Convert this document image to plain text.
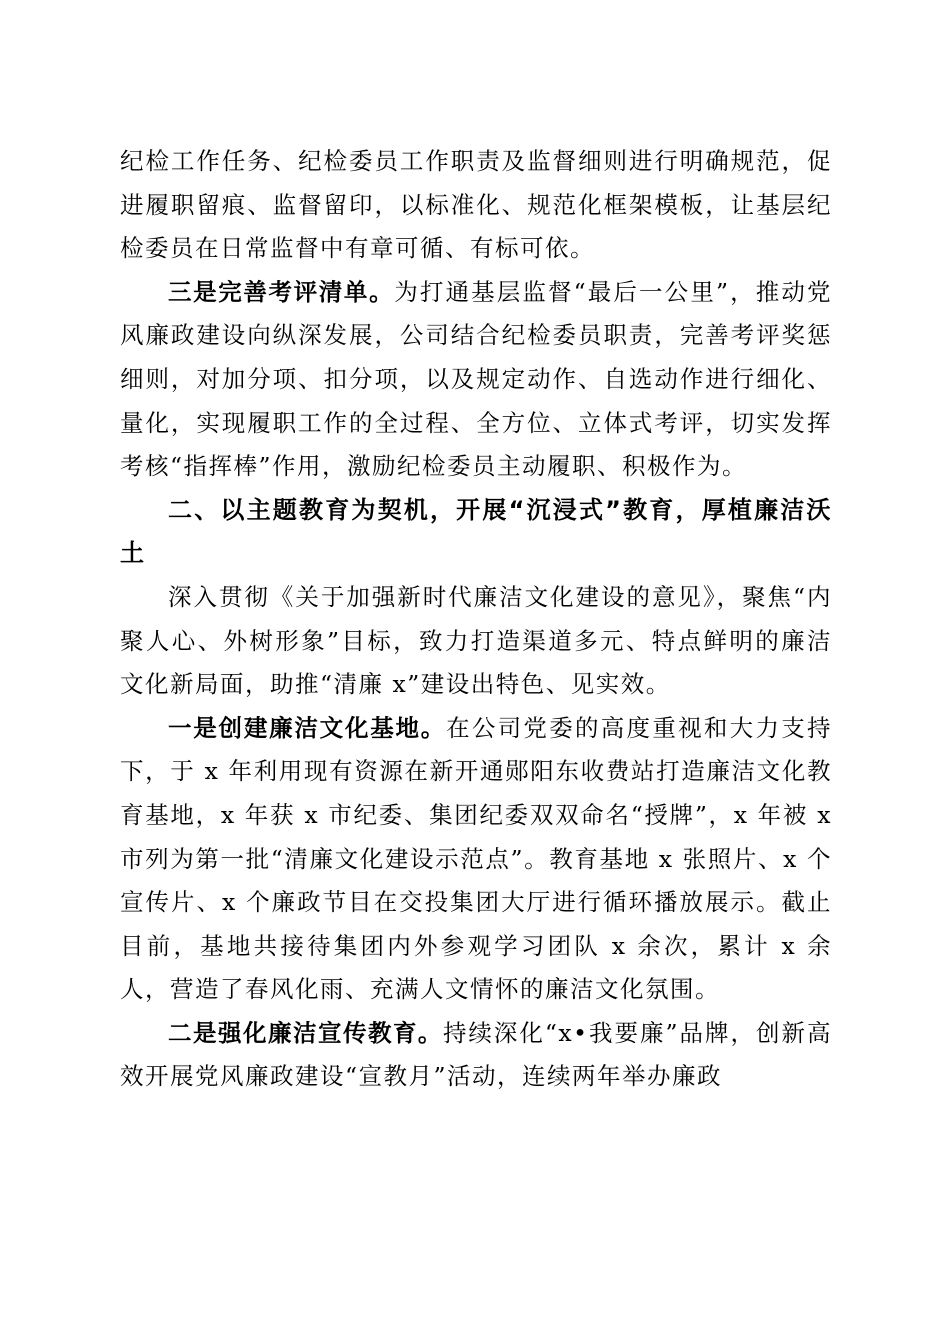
纪检工作任务、纪检委员工作职责及监督细则进行明确规范，促进履职留痕、监督留印，以标准化、规范化框架模板，让基层纪检委员在日常监督中有章可循、有标可依。

三是完善考评清单。为打通基层监督“最后一公里”，推动党风廉政建设向纵深发展，公司结合纪检委员职责，完善考评奖惩细则，对加分项、扣分项，以及规定动作、自选动作进行细化、量化，实现履职工作的全过程、全方位、立体式考评，切实发挥考核“指挥棒”作用，激励纪检委员主动履职、积极作为。

二、以主题教育为契机，开展“沉浸式”教育，厚植廉洁沃土

深入贯彻《关于加强新时代廉洁文化建设的意见》，聚焦“内聚人心、外树形象”目标，致力打造渠道多元、特点鲜明的廉洁文化新局面，助推“清廉 x”建设出特色、见实效。

一是创建廉洁文化基地。在公司党委的高度重视和大力支持下，于 x 年利用现有资源在新开通郧阳东收费站打造廉洁文化教育基地，x 年获 x 市纪委、集团纪委双双命名“授牌”，x 年被 x 市列为第一批“清廉文化建设示范点”。教育基地 x 张照片、x 个宣传片、x 个廉政节目在交投集团大厅进行循环播放展示。截止目前，基地共接待集团内外参观学习团队 x 余次，累计 x 余人，营造了春风化雨、充满人文情怀的廉洁文化氛围。

二是强化廉洁宣传教育。持续深化“x•我要廉”品牌，创新高效开展党风廉政建设“宣教月”活动，连续两年举办廉政
